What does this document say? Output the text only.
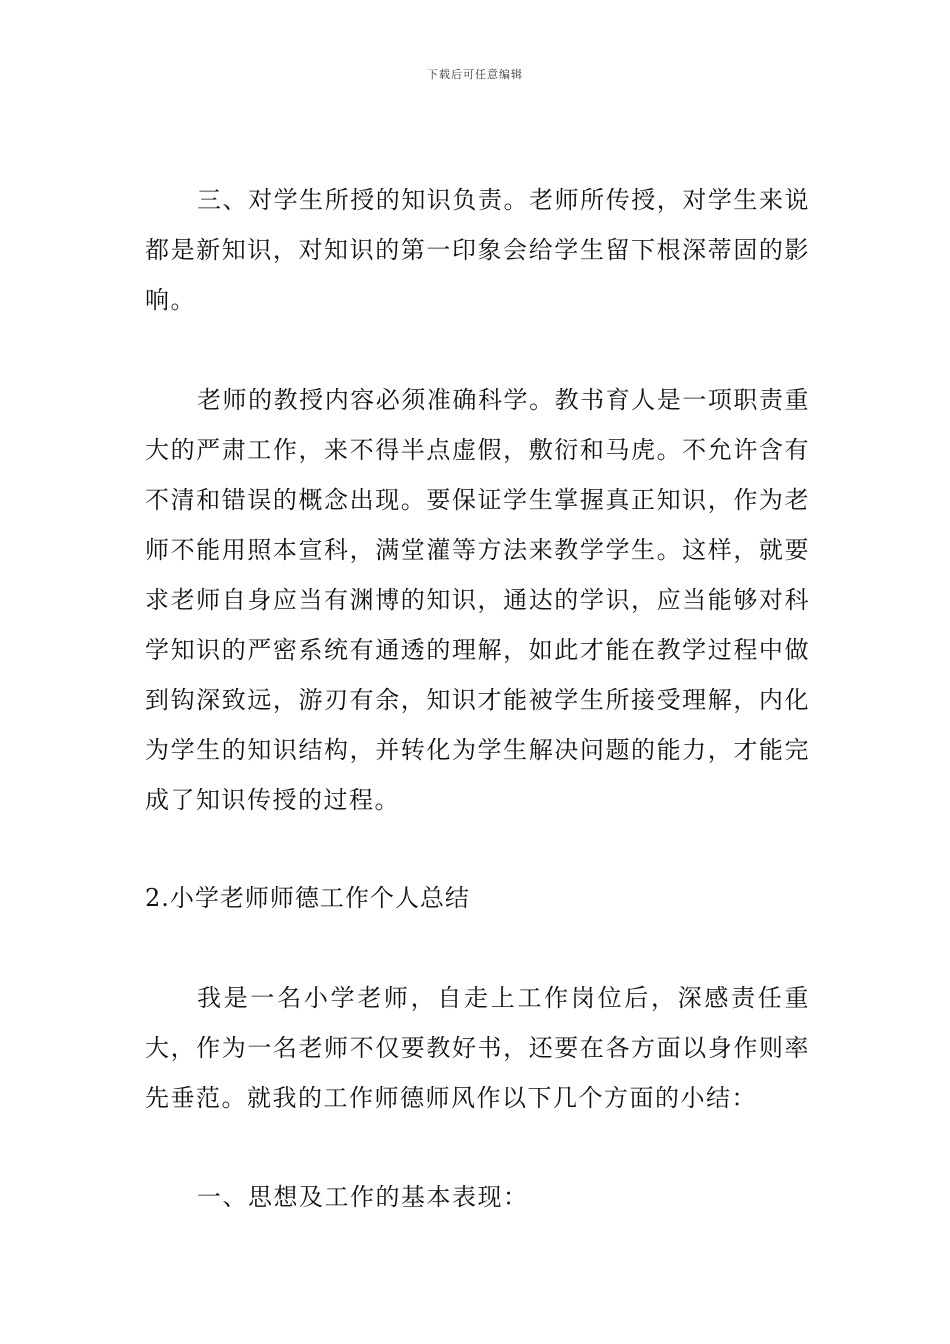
下载后可任意编辑

三、对学生所授的知识负责。老师所传授，对学生来说都是新知识，对知识的第一印象会给学生留下根深蒂固的影响。

老师的教授内容必须准确科学。教书育人是一项职责重大的严肃工作，来不得半点虚假，敷衍和马虎。不允许含有不清和错误的概念出现。要保证学生掌握真正知识，作为老师不能用照本宣科，满堂灌等方法来教学学生。这样，就要求老师自身应当有渊博的知识，通达的学识，应当能够对科学知识的严密系统有通透的理解，如此才能在教学过程中做到钩深致远，游刃有余，知识才能被学生所接受理解，内化为学生的知识结构，并转化为学生解决问题的能力，才能完成了知识传授的过程。

2.小学老师师德工作个人总结

我是一名小学老师，自走上工作岗位后，深感责任重大，作为一名老师不仅要教好书，还要在各方面以身作则率先垂范。就我的工作师德师风作以下几个方面的小结：

一、思想及工作的基本表现：
